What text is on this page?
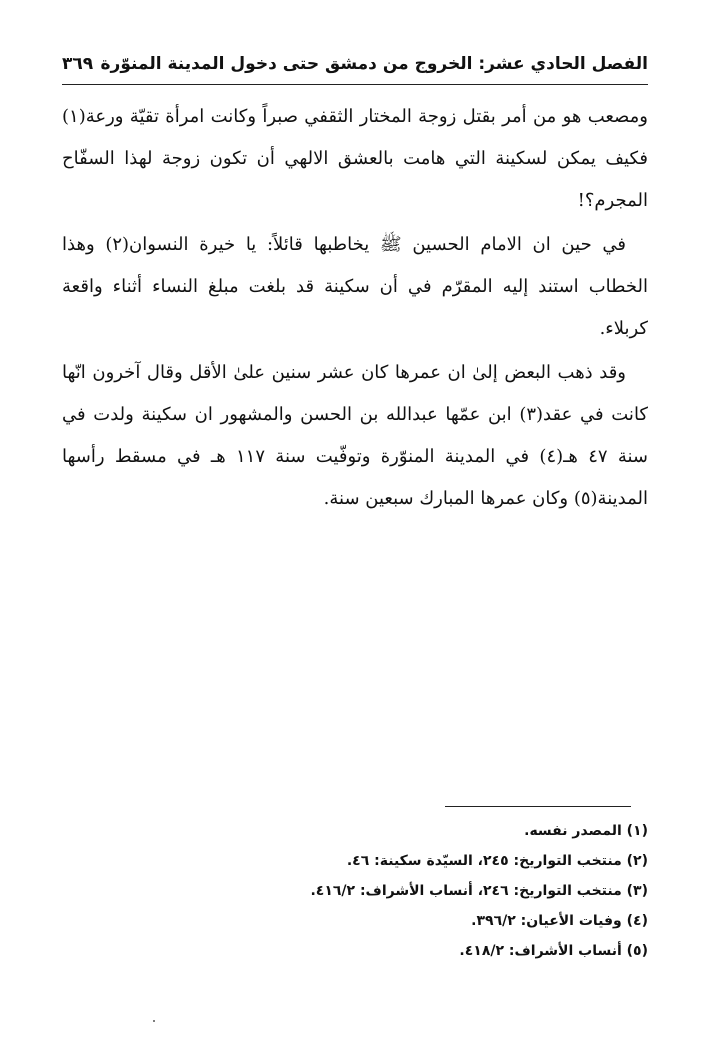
الفصل الحادي عشر: الخروج من دمشق حتى دخول المدينة المنوّرة
٣٦٩

ومصعب هو من أمر بقتل زوجة المختار الثقفي صبراً وكانت امرأة تقيّة ورعة(١) فكيف يمكن لسكينة التي هامت بالعشق الالهي أن تكون زوجة لهذا السفّاح المجرم؟!

في حين ان الامام الحسين ﷺ يخاطبها قائلاً: يا خيرة النسوان(٢) وهذا الخطاب استند إليه المقرّم في أن سكينة قد بلغت مبلغ النساء أثناء واقعة كربلاء.

وقد ذهب البعض إلىٰ ان عمرها كان عشر سنين علىٰ الأقل وقال آخرون انّها كانت في عقد(٣) ابن عمّها عبدالله بن الحسن والمشهور ان سكينة ولدت في سنة ٤٧ هـ(٤) في المدينة المنوّرة وتوفّيت سنة ١١٧ هـ في مسقط رأسها المدينة(٥) وكان عمرها المبارك سبعين سنة.

(١) المصدر نفسه.
(٢) منتخب التواريخ: ٢٤٥، السيّدة سكينة: ٤٦.
(٣) منتخب التواريخ: ٢٤٦، أنساب الأشراف: ٤١٦/٢.
(٤) وفيات الأعيان: ٣٩٦/٢.
(٥) أنساب الأشراف: ٤١٨/٢.
